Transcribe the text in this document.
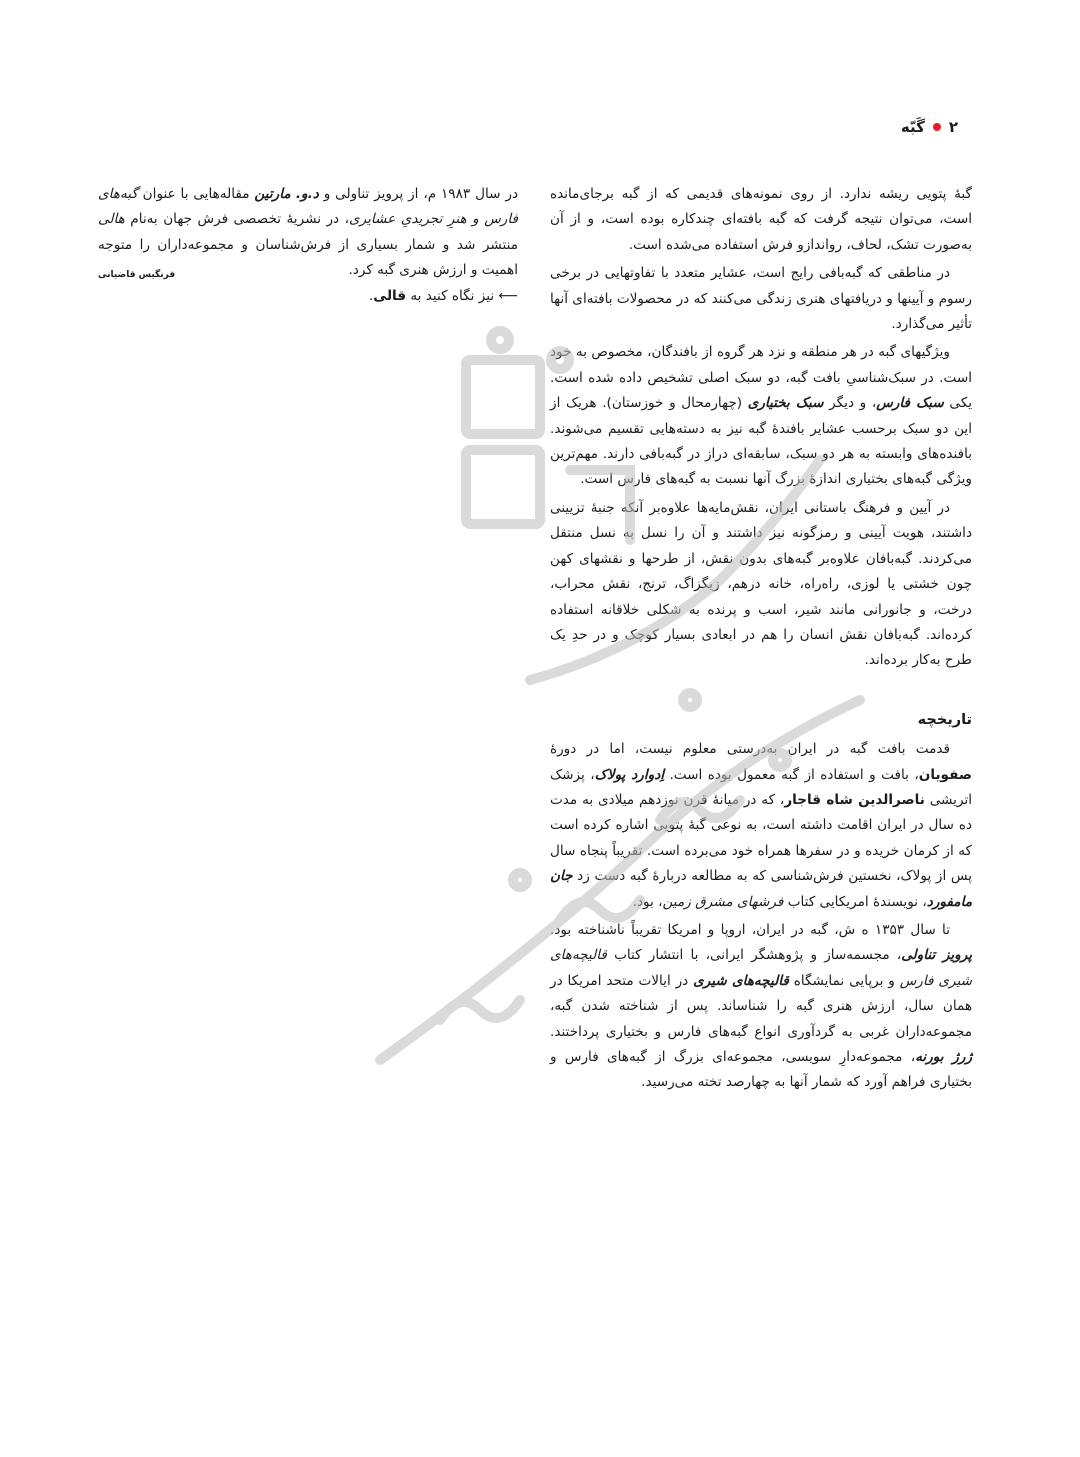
۲
گَبّه

گبهٔ پتویی ریشه ندارد. از روی نمونه‌های قدیمی که از گبه برجای‌مانده است، می‌توان نتیجه گرفت که گبه بافته‌ای چندکاره بوده است، و از آن به‌صورت تشک، لحاف، رواندازو فرش استفاده می‌شده است.

در مناطقی که گبه‌بافی رایج است، عشایر متعدد با تفاوتهایی در برخی رسوم و آیینها و دریافتهای هنری زندگی می‌کنند که در محصولات بافته‌ای آنها تأثیر می‌گذارد.

ویژگیهای گبه در هر منطقه و نزد هر گروه از بافندگان، مخصوص به خود است. در سبک‌شناسیِ بافت گبه، دو سبک اصلی تشخیص داده شده است. یکی سبک فارس، و دیگر سبک بختیاری (چهارمحال و خوزستان). هریک از این دو سبک برحسب عشایر بافندهٔ گبه نیز به دسته‌هایی تقسیم می‌شوند. بافنده‌های وابسته به هر دو سبک، سابقه‌ای دراز در گبه‌بافی دارند. مهم‌ترین ویژگی گبه‌های بختیاری اندازهٔ بزرگ آنها نسبت به گبه‌های فارس است.

در آیین و فرهنگ باستانی ایران، نقش‌مایه‌ها علاوه‌بر آنکه جنبهٔ تزیینی داشتند، هویت آیینی و رمزگونه نیز داشتند و آن را نسل به نسل منتقل می‌کردند. گبه‌بافان علاوه‌بر گبه‌های بدون نقش، از طرحها و نقشهای کهن چون خشتی یا لوزی، راه‌راه، خانه درهم، زیگزاگ، ترنج، نقش محراب، درخت، و جانورانی مانند شیر، اسب و پرنده به شکلی خلاقانه استفاده کرده‌اند. گبه‌بافان نقش انسان را هم در ابعادی بسیار کوچک و در حدِ یک طرح به‌کار برده‌اند.

تاریخچه

قدمت بافت گبه در ایران به‌درستی معلوم نیست، اما در دورهٔ صفویان، بافت و استفاده از گبه معمول بوده است. اِدوارد پولاک، پزشک اتریشی ناصرالدین شاه قاجار، که در میانهٔ قرن نوزدهم میلادی به مدت ده سال در ایران اقامت داشته است، به نوعی گبهٔ پتویی اشاره کرده است که از کرمان خریده و در سفرها همراه خود می‌برده است. تقریباً پنجاه سال پس از پولاک، نخستین فرش‌شناسی که به مطالعه دربارهٔ گبه دست زد جان مامفورد، نویسندهٔ امریکایی کتاب فرشهای مشرق زمین، بود.

تا سال ۱۳۵۳ ه ش، گبه در ایران، اروپا و امریکا تقریباً ناشناخته بود. پرویز تناولی، مجسمه‌ساز و پژوهشگر ایرانی، با انتشار کتاب قالیچه‌های شیری فارس و برپایی نمایشگاه قالیچه‌های شیری در ایالات متحد امریکا در همان سال، ارزش هنری گبه را شناساند. پس از شناخته شدن گبه، مجموعه‌داران غربی به گردآوری انواع گبه‌های فارس و بختیاری پرداختند. ژرژ بورنه، مجموعه‌دارِ سویسی، مجموعه‌ای بزرگ از گبه‌های فارس و بختیاری فراهم آورد که شمار آنها به چهارصد تخته می‌رسید.

در سال ۱۹۸۳ م، از پرویز تناولی و د.و. مارتین مقاله‌هایی با عنوان گبه‌های فارس و هنرِ تجریدیِ عشایری، در نشریهٔ تخصصی فرش جهان به‌نام هالی منتشر شد و شمار بسیاری از فرش‌شناسان و مجموعه‌داران را متوجه اهمیت و ارزش هنری گبه کرد.
فرنگیس قاضیانی

⟵ نیز نگاه کنید به قالی.
